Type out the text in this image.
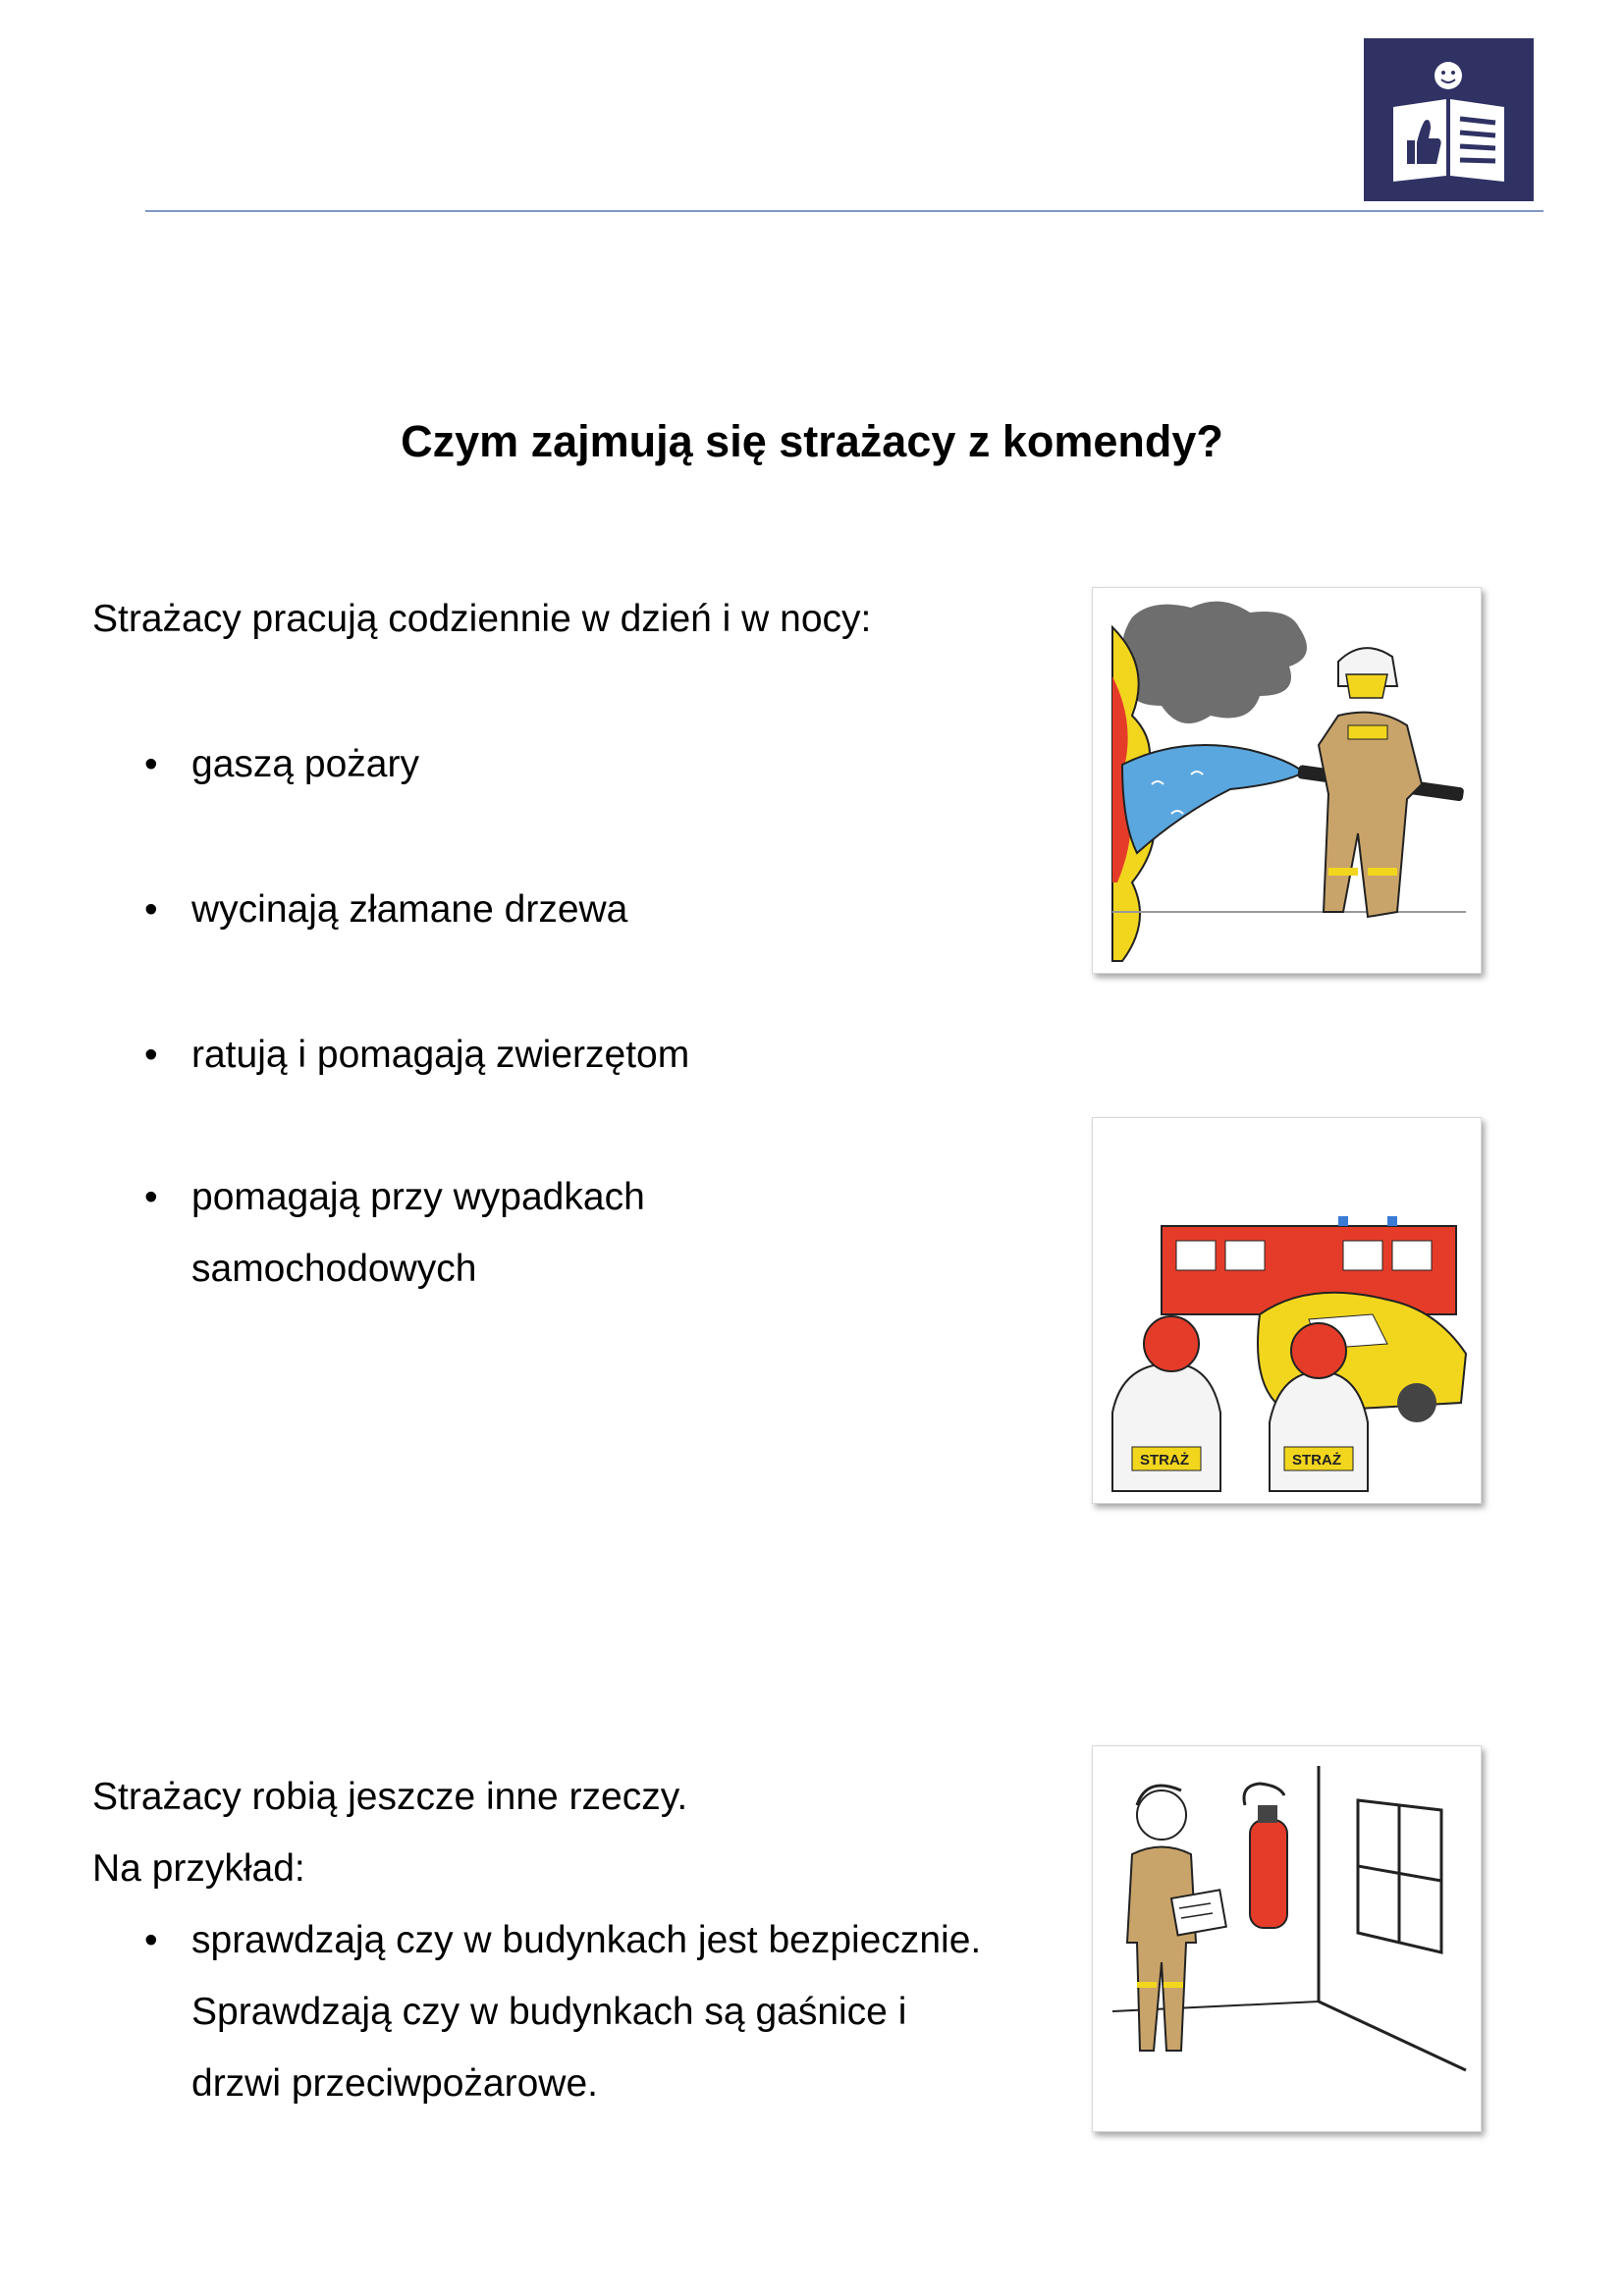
Czym zajmują się strażacy z komendy?

Strażacy pracują codziennie w dzień i w nocy:

• gaszą pożary
• wycinają złamane drzewa
• ratują i pomagają zwierzętom
• pomagają przy wypadkach samochodowych

Strażacy robią jeszcze inne rzeczy.

Na przykład:

• sprawdzają czy w budynkach jest bezpiecznie. Sprawdzają czy w budynkach są gaśnice i drzwi przeciwpożarowe.
STRAŻ	STRAŻ
